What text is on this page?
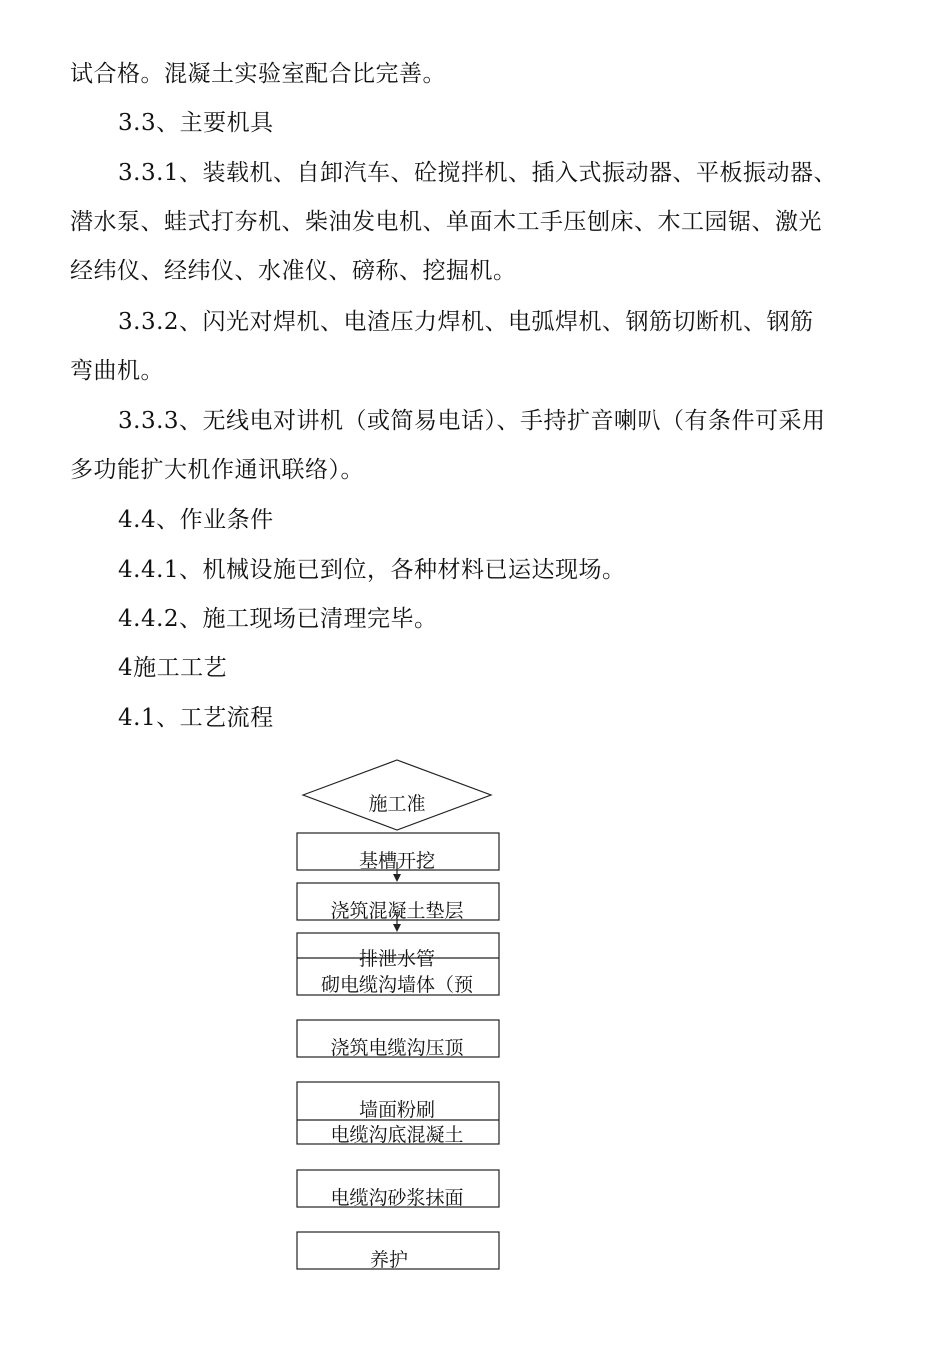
试合格。混凝土实验室配合比完善。

3.3、主要机具

3.3.1、装载机、自卸汽车、砼搅拌机、插入式振动器、平板振动器、

潜水泵、蛙式打夯机、柴油发电机、单面木工手压刨床、木工园锯、激光

经纬仪、经纬仪、水准仪、磅称、挖掘机。

3.3.2、闪光对焊机、电渣压力焊机、电弧焊机、钢筋切断机、钢筋

弯曲机。

3.3.3、无线电对讲机（或简易电话）、手持扩音喇叭（有条件可采用

多功能扩大机作通讯联络）。

4.4、作业条件

4.4.1、机械设施已到位，各种材料已运达现场。

4.4.2、施工现场已清理完毕。

4施工工艺

4.1、工艺流程

施工准
基槽开挖
浇筑混凝土垫层
排泄水管
砌电缆沟墙体（预
浇筑电缆沟压顶
墙面粉刷
电缆沟底混凝土
电缆沟砂浆抹面
养护
